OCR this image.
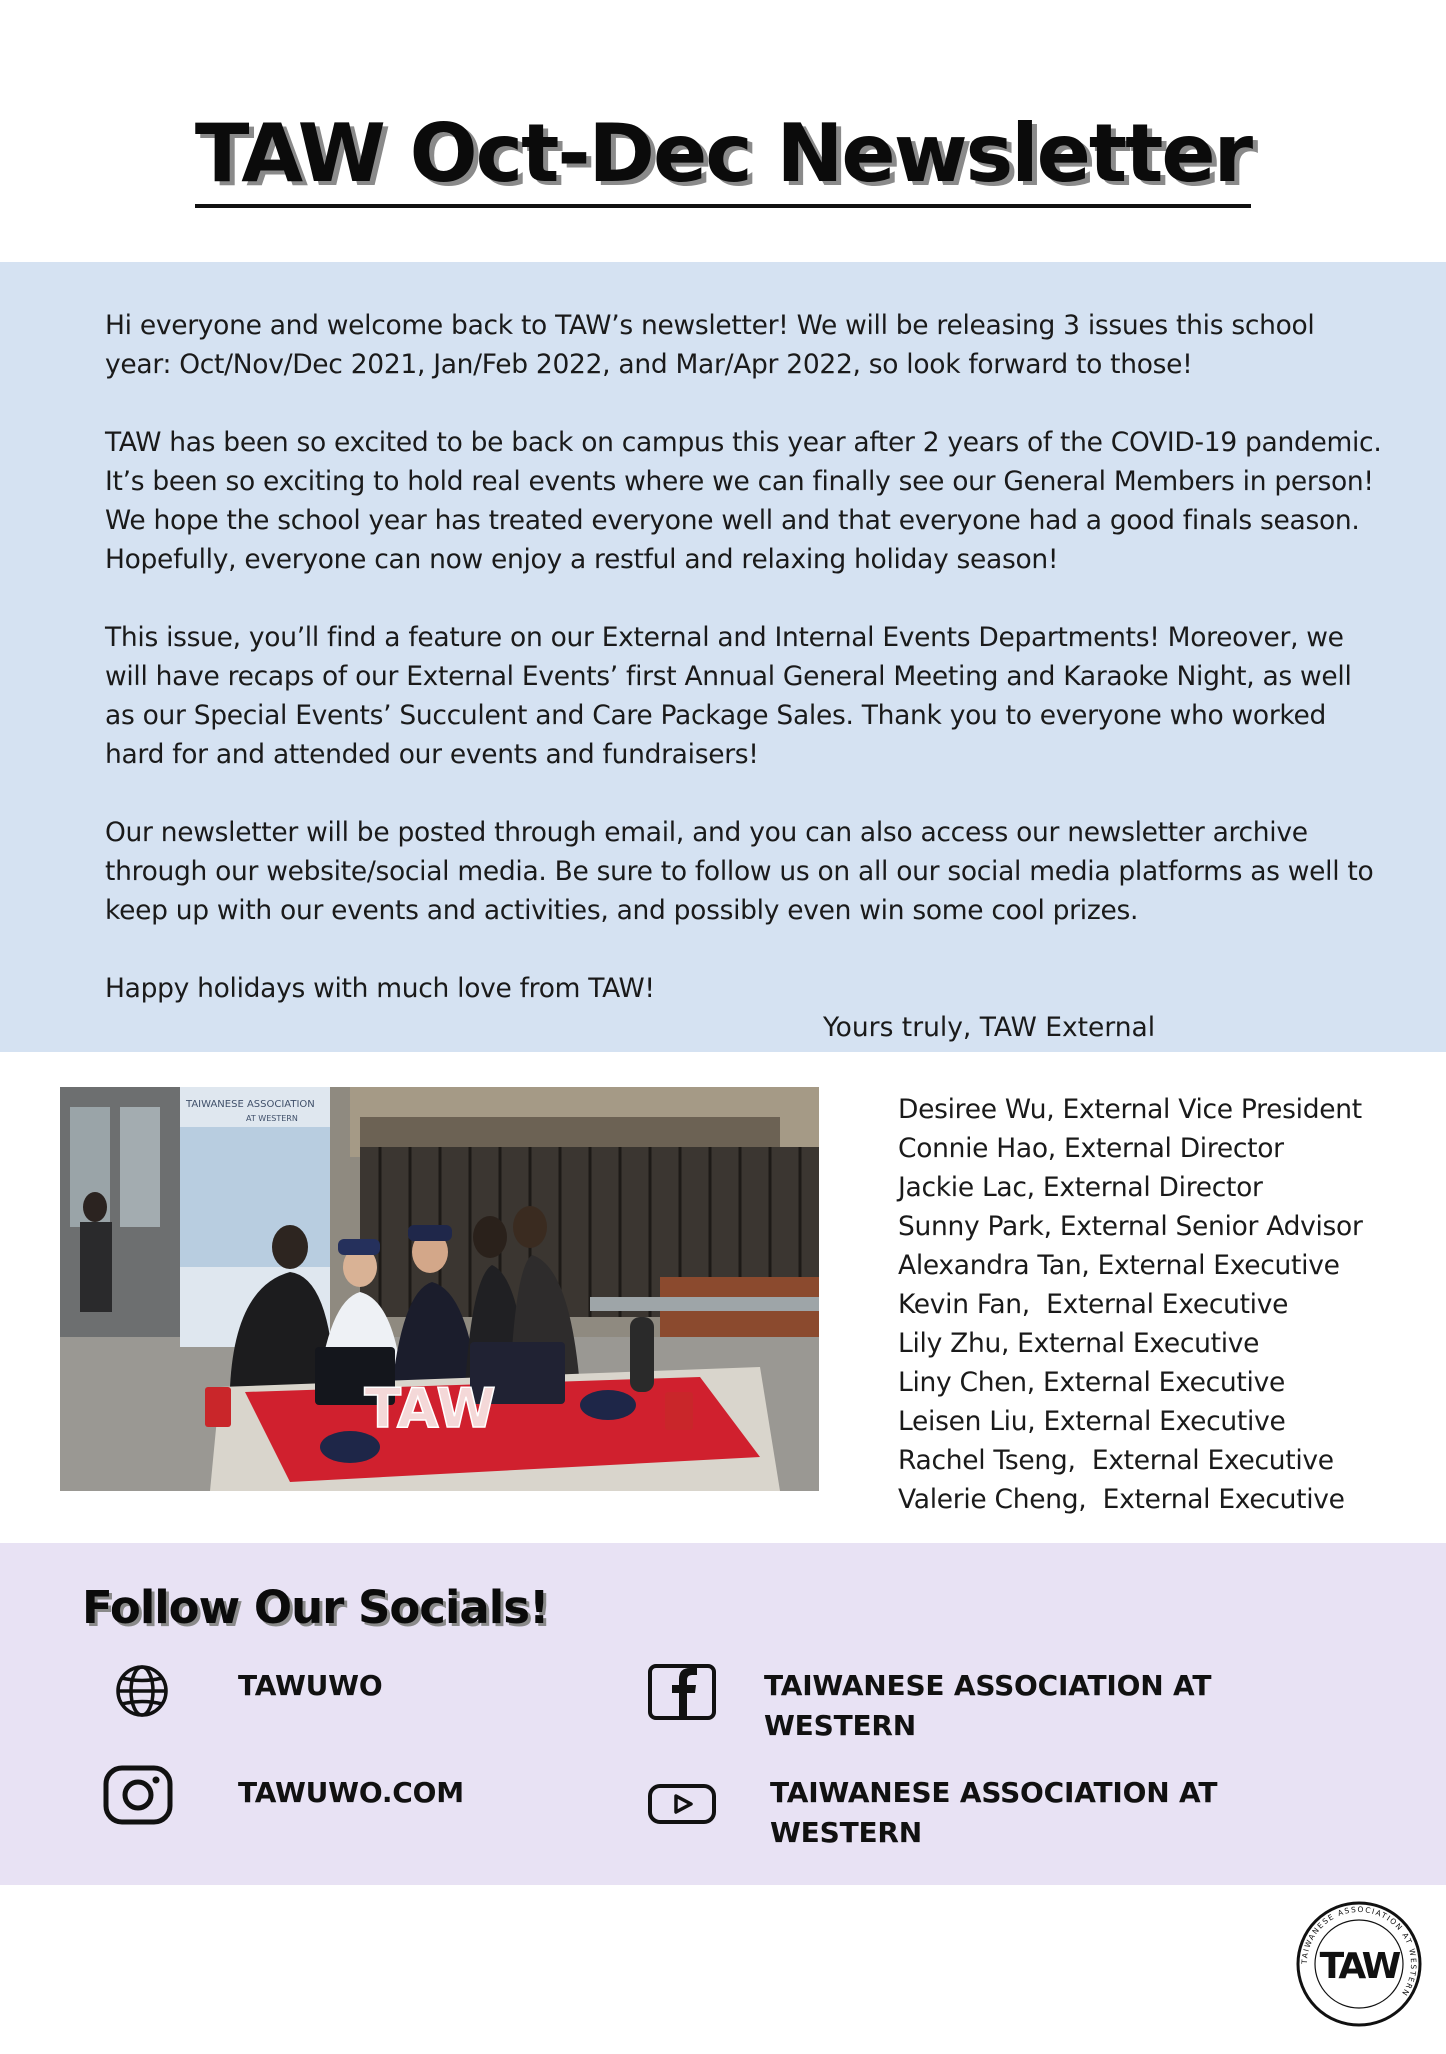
TAW Oct-Dec Newsletter

Hi everyone and welcome back to TAW’s newsletter! We will be releasing 3 issues this school year: Oct/Nov/Dec 2021, Jan/Feb 2022, and Mar/Apr 2022, so look forward to those!

TAW has been so excited to be back on campus this year after 2 years of the COVID-19 pandemic. It’s been so exciting to hold real events where we can finally see our General Members in person! We hope the school year has treated everyone well and that everyone had a good finals season. Hopefully, everyone can now enjoy a restful and relaxing holiday season!

This issue, you’ll find a feature on our External and Internal Events Departments! Moreover, we will have recaps of our External Events’ first Annual General Meeting and Karaoke Night, as well as our Special Events’ Succulent and Care Package Sales. Thank you to everyone who worked hard for and attended our events and fundraisers!

Our newsletter will be posted through email, and you can also access our newsletter archive through our website/social media. Be sure to follow us on all our social media platforms as well to keep up with our events and activities, and possibly even win some cool prizes.

Happy holidays with much love from TAW!

Yours truly, TAW External
TAIWANESE ASSOCIATION
AT WESTERN
TAW
Desiree Wu, External Vice President
Connie Hao, External Director
Jackie Lac, External Director
Sunny Park, External Senior Advisor
Alexandra Tan, External Executive
Kevin Fan,  External Executive
Lily Zhu, External Executive
Liny Chen, External Executive
Leisen Liu, External Executive
Rachel Tseng,  External Executive
Valerie Cheng,  External Executive
Follow Our Socials!
TAWUWO	TAIWANESE ASSOCIATION AT WESTERN
TAWUWO.COM	TAIWANESE ASSOCIATION AT WESTERN
TAIWANESE ASSOCIATION AT WESTERN
TAW
